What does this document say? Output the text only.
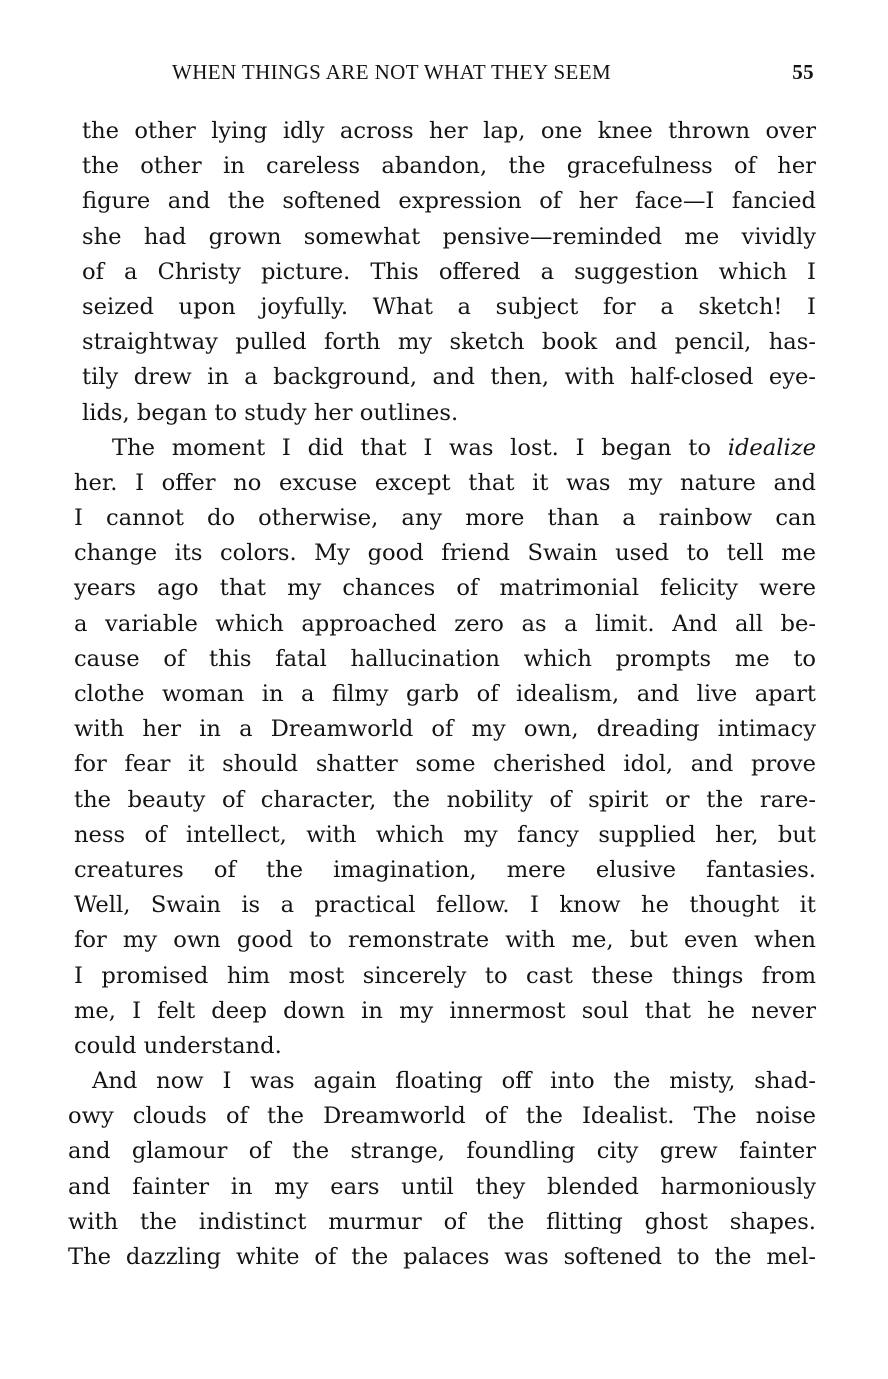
WHEN THINGS ARE NOT WHAT THEY SEEM	55
the other lying idly across her lap, one knee thrown over
the other in careless abandon, the gracefulness of her
figure and the softened expression of her face—I fancied
she had grown somewhat pensive—reminded me vividly
of a Christy picture. This offered a suggestion which I
seized upon joyfully. What a subject for a sketch! I
straightway pulled forth my sketch book and pencil, has-
tily drew in a background, and then, with half-closed eye-
lids, began to study her outlines.
The moment I did that I was lost. I began to idealize
her. I offer no excuse except that it was my nature and
I cannot do otherwise, any more than a rainbow can
change its colors. My good friend Swain used to tell me
years ago that my chances of matrimonial felicity were
a variable which approached zero as a limit. And all be-
cause of this fatal hallucination which prompts me to
clothe woman in a filmy garb of idealism, and live apart
with her in a Dreamworld of my own, dreading intimacy
for fear it should shatter some cherished idol, and prove
the beauty of character, the nobility of spirit or the rare-
ness of intellect, with which my fancy supplied her, but
creatures of the imagination, mere elusive fantasies.
Well, Swain is a practical fellow. I know he thought it
for my own good to remonstrate with me, but even when
I promised him most sincerely to cast these things from
me, I felt deep down in my innermost soul that he never
could understand.
And now I was again floating off into the misty, shad-
owy clouds of the Dreamworld of the Idealist. The noise
and glamour of the strange, foundling city grew fainter
and fainter in my ears until they blended harmoniously
with the indistinct murmur of the flitting ghost shapes.
The dazzling white of the palaces was softened to the mel-
